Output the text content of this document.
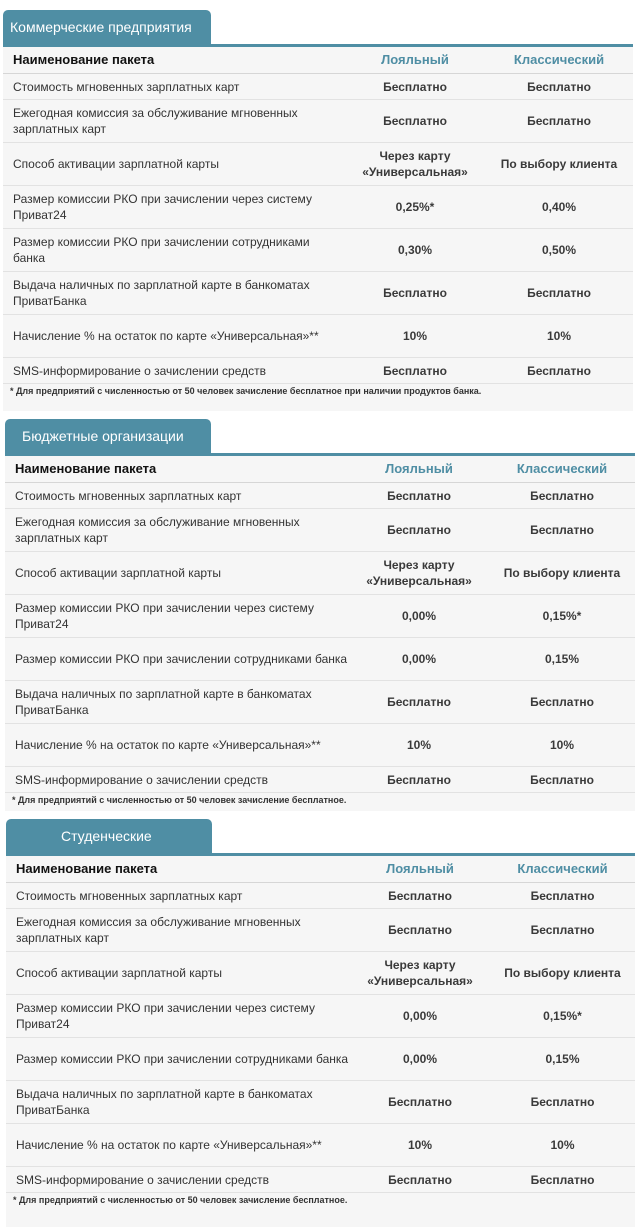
Коммерческие предприятия
Наименование пакета	Лояльный	Классический
Стоимость мгновенных зарплатных карт	Бесплатно	Бесплатно
Ежегодная комиссия за обслуживание мгновенных зарплатных карт	Бесплатно	Бесплатно
Способ активации зарплатной карты	Через карту «Универсальная»	По выбору клиента
Размер комиссии РКО при зачислении через систему Приват24	0,25%*	0,40%
Размер комиссии РКО при зачислении сотрудниками банка	0,30%	0,50%
Выдача наличных по зарплатной карте в банкоматах ПриватБанка	Бесплатно	Бесплатно
Начисление % на остаток по карте «Универсальная»**	10%	10%
SMS-информирование о зачислении средств	Бесплатно	Бесплатно
* Для предприятий с численностью от 50 человек зачисление бесплатное при наличии продуктов банка.
Бюджетные организации
Наименование пакета	Лояльный	Классический
Стоимость мгновенных зарплатных карт	Бесплатно	Бесплатно
Ежегодная комиссия за обслуживание мгновенных зарплатных карт	Бесплатно	Бесплатно
Способ активации зарплатной карты	Через карту «Универсальная»	По выбору клиента
Размер комиссии РКО при зачислении через систему Приват24	0,00%	0,15%*
Размер комиссии РКО при зачислении сотрудниками банка	0,00%	0,15%
Выдача наличных по зарплатной карте в банкоматах ПриватБанка	Бесплатно	Бесплатно
Начисление % на остаток по карте «Универсальная»**	10%	10%
SMS-информирование о зачислении средств	Бесплатно	Бесплатно
* Для предприятий с численностью от 50 человек зачисление бесплатное.
Студенческие
Наименование пакета	Лояльный	Классический
Стоимость мгновенных зарплатных карт	Бесплатно	Бесплатно
Ежегодная комиссия за обслуживание мгновенных зарплатных карт	Бесплатно	Бесплатно
Способ активации зарплатной карты	Через карту «Универсальная»	По выбору клиента
Размер комиссии РКО при зачислении через систему Приват24	0,00%	0,15%*
Размер комиссии РКО при зачислении сотрудниками банка	0,00%	0,15%
Выдача наличных по зарплатной карте в банкоматах ПриватБанка	Бесплатно	Бесплатно
Начисление % на остаток по карте «Универсальная»**	10%	10%
SMS-информирование о зачислении средств	Бесплатно	Бесплатно
* Для предприятий с численностью от 50 человек зачисление бесплатное.
